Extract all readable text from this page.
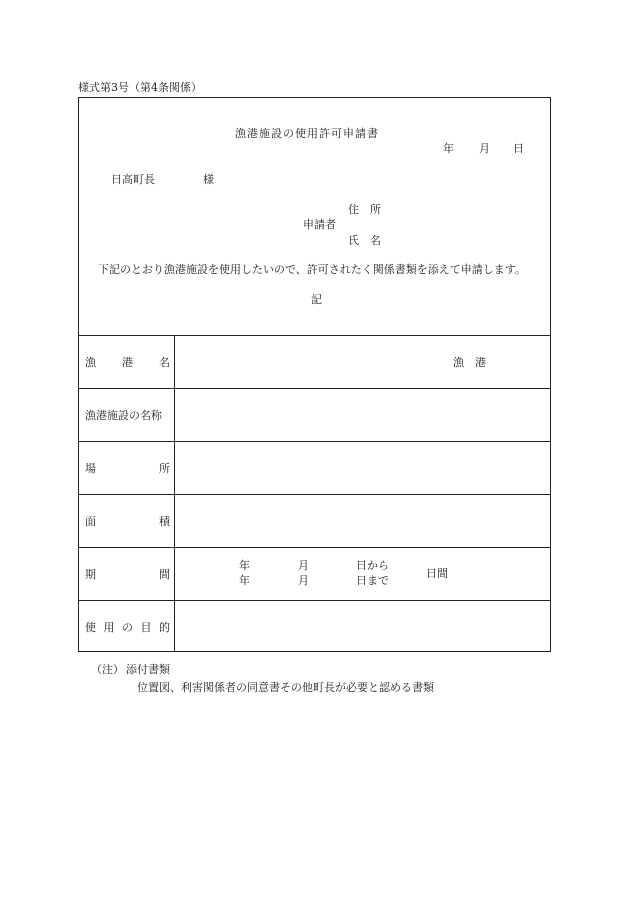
様式第3号（第4条関係）
漁港施設の使用許可申請書
年 月 日
日高町長	様
住　所
申請者
氏　名
下記のとおり漁港施設を使用したいので、許可されたく関係書類を添えて申請します。
記
漁 港 名	漁　港
漁港施設の名称
場	所
面	積
期	間
年	月	日から
年	月	日まで
日間
使 用 の 目 的
（注） 添付書類
位置図、利害関係者の同意書その他町長が必要と認める書類
